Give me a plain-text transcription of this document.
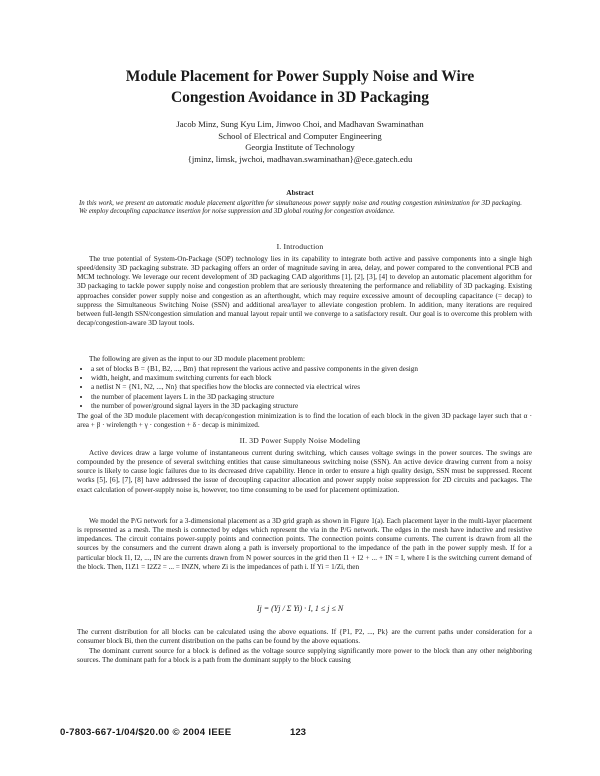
Module Placement for Power Supply Noise and Wire
Congestion Avoidance in 3D Packaging
Jacob Minz, Sung Kyu Lim, Jinwoo Choi, and Madhavan Swaminathan
School of Electrical and Computer Engineering
Georgia Institute of Technology
{jminz, limsk, jwchoi, madhavan.swaminathan}@ece.gatech.edu
Abstract
In this work, we present an automatic module placement algorithm for simultaneous power supply noise and routing congestion minimization for 3D packaging. We employ decoupling capacitance insertion for noise suppression and 3D global routing for congestion avoidance.
I. Introduction
The true potential of System-On-Package (SOP) technology lies in its capability to integrate both active and passive components into a single high speed/density 3D packaging substrate. 3D packaging offers an order of magnitude saving in area, delay, and power compared to the conventional PCB and MCM technology. We leverage our recent development of 3D packaging CAD algorithms [1], [2], [3], [4] to develop an automatic placement algorithm for 3D packaging to tackle power supply noise and congestion problem that are seriously threatening the performance and reliability of 3D packaging. Existing approaches consider power supply noise and congestion as an afterthought, which may require excessive amount of decoupling capacitance (= decap) to suppress the Simultaneous Switching Noise (SSN) and additional area/layer to alleviate congestion problem. In addition, many iterations are required between full-length SSN/congestion simulation and manual layout repair until we converge to a satisfactory result. Our goal is to overcome this problem with decap/congestion-aware 3D layout tools.
The following are given as the input to our 3D module placement problem:
• a set of blocks B = {B1, B2, ..., Bm} that represent the various active and passive components in the given design
• width, height, and maximum switching currents for each block
• a netlist N = {N1, N2, ..., Nn} that specifies how the blocks are connected via electrical wires
• the number of placement layers L in the 3D packaging structure
• the number of power/ground signal layers in the 3D packaging structure
The goal of the 3D module placement with decap/congestion minimization is to find the location of each block in the given 3D package layer such that α · area + β · wirelength + γ · congestion + δ · decap is minimized.
II. 3D Power Supply Noise Modeling
Active devices draw a large volume of instantaneous current during switching, which causes voltage swings in the power sources. The swings are compounded by the presence of several switching entities that cause simultaneous switching noise (SSN). An active device drawing current from a noisy source is likely to cause logic failures due to its decreased drive capability. Hence in order to ensure a high quality design, SSN must be suppressed. Recent works [5], [6], [7], [8] have addressed the issue of decoupling capacitor allocation and power supply noise suppression for 2D circuits and packages. The exact calculation of power-supply noise is, however, too time consuming to be used for placement optimization.
We model the P/G network for a 3-dimensional placement as a 3D grid graph as shown in Figure 1(a). Each placement layer in the multi-layer placement is represented as a mesh. The mesh is connected by edges which represent the via in the P/G network. The edges in the mesh have inductive and resistive impedances. The circuit contains power-supply points and connection points. The connection points consume currents. The current is drawn from all the sources by the consumers and the current drawn along a path is inversely proportional to the impedance of the path in the power supply mesh. If for a particular block I1, I2, ..., IN are the currents drawn from N power sources in the grid then I1 + I2 + ... + IN = I, where I is the switching current demand of the block. Then, I1Z1 = I2Z2 = ... = INZN, where Zi is the impedances of path i. If Yi = 1/Zi, then
Ij = (Yj / Σ Yi) · I, 1 ≤ j ≤ N
The current distribution for all blocks can be calculated using the above equations. If {P1, P2, ..., Pk} are the current paths under consideration for a consumer block Bi, then the current distribution on the paths can be found by the above equations.
The dominant current source for a block is defined as the voltage source supplying significantly more power to the block than any other neighboring sources. The dominant path for a block is a path from the dominant supply to the block causing
0-7803-667-1/04/$20.00 © 2004 IEEE	123
